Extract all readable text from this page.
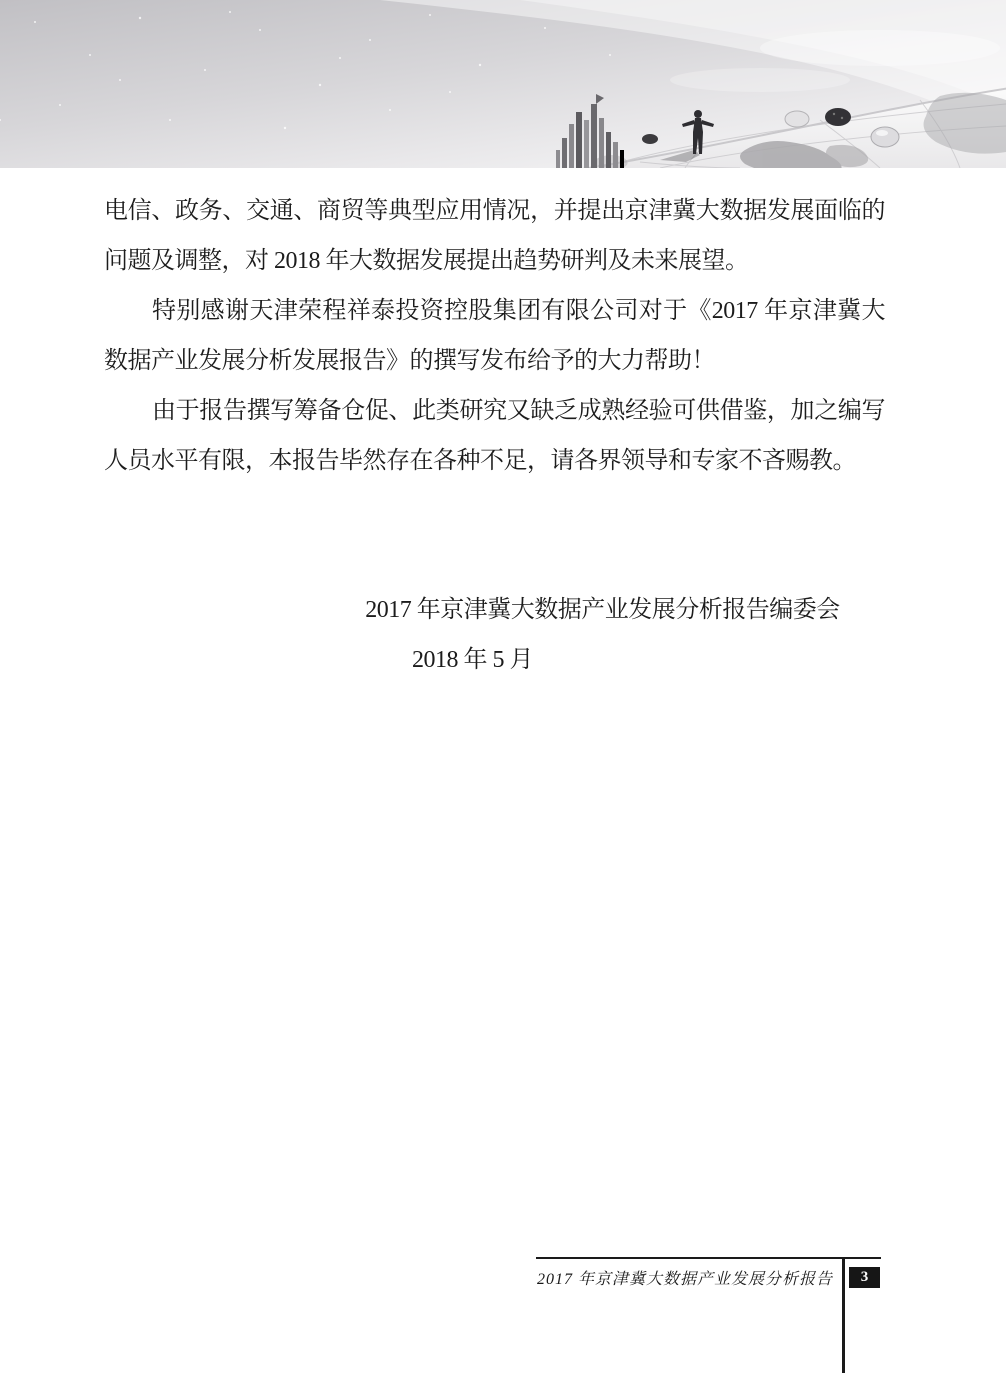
电信、政务、交通、商贸等典型应用情况，并提出京津冀大数据发展面临的
问题及调整，对 2018 年大数据发展提出趋势研判及未来展望。
特别感谢天津荣程祥泰投资控股集团有限公司对于《2017 年京津冀大
数据产业发展分析发展报告》的撰写发布给予的大力帮助！
由于报告撰写筹备仓促、此类研究又缺乏成熟经验可供借鉴，加之编写
人员水平有限，本报告毕然存在各种不足，请各界领导和专家不吝赐教。
2017 年京津冀大数据产业发展分析报告编委会
2018 年 5 月
2017 年京津冀大数据产业发展分析报告 3
